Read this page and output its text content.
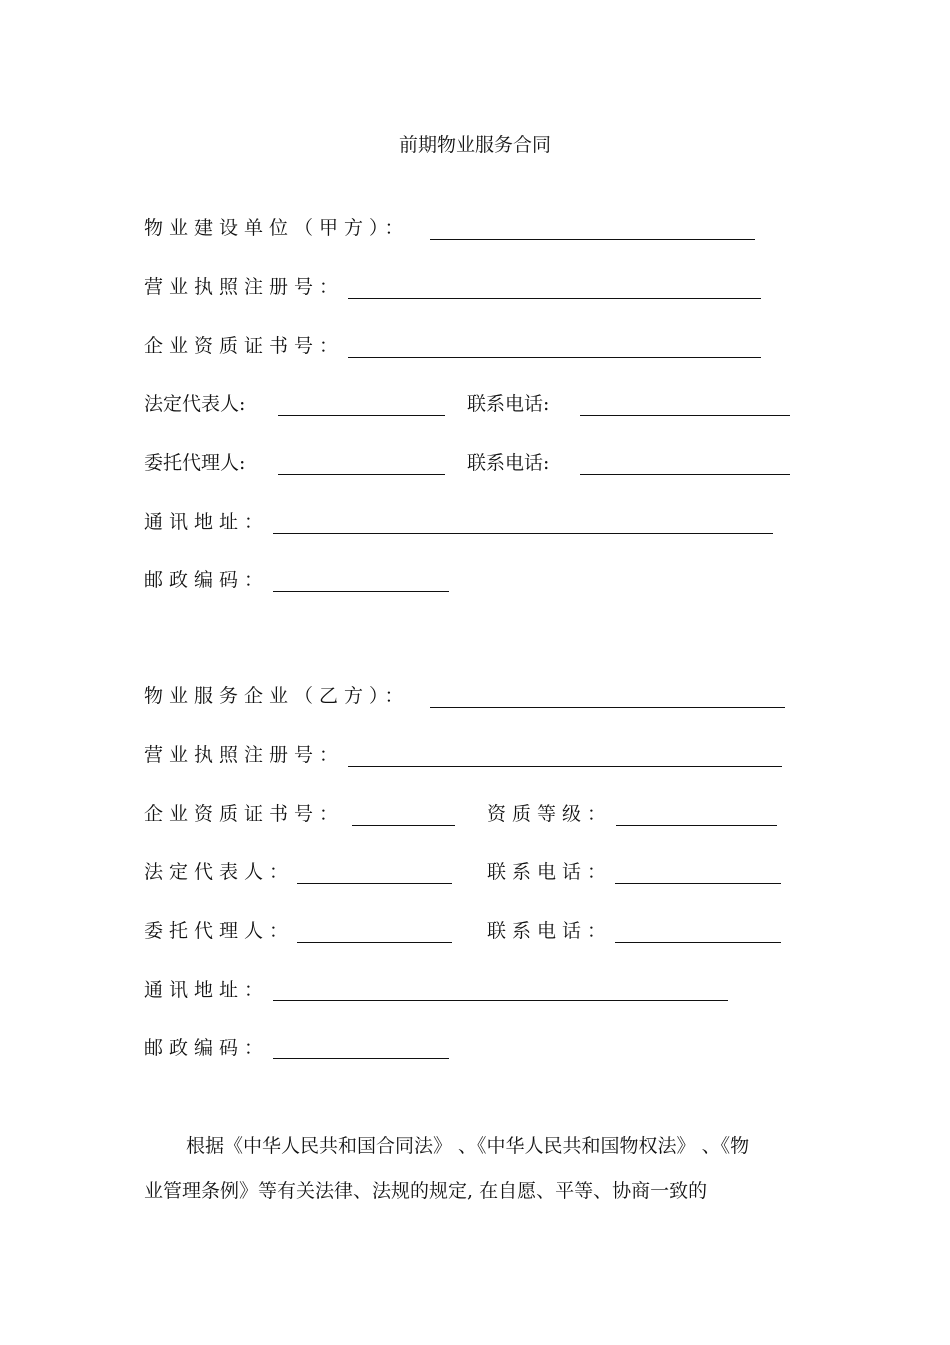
前期物业服务合同
物业建设单位（甲方）：
营业执照注册号：
企业资质证书号：
法定代表人:	联系电话:
委托代理人:	联系电话:
通讯地址：
邮政编码：
物业服务企业（乙方）：
营业执照注册号：
企业资质证书号：	资质等级：
法定代表人：	联系电话：
委托代理人：	联系电话：
通讯地址：
邮政编码：

根据《中华人民共和国合同法》 、《中华人民共和国物权法》 、《物

业管理条例》等有关法律、法规的规定, 在自愿、平等、协商一致的
